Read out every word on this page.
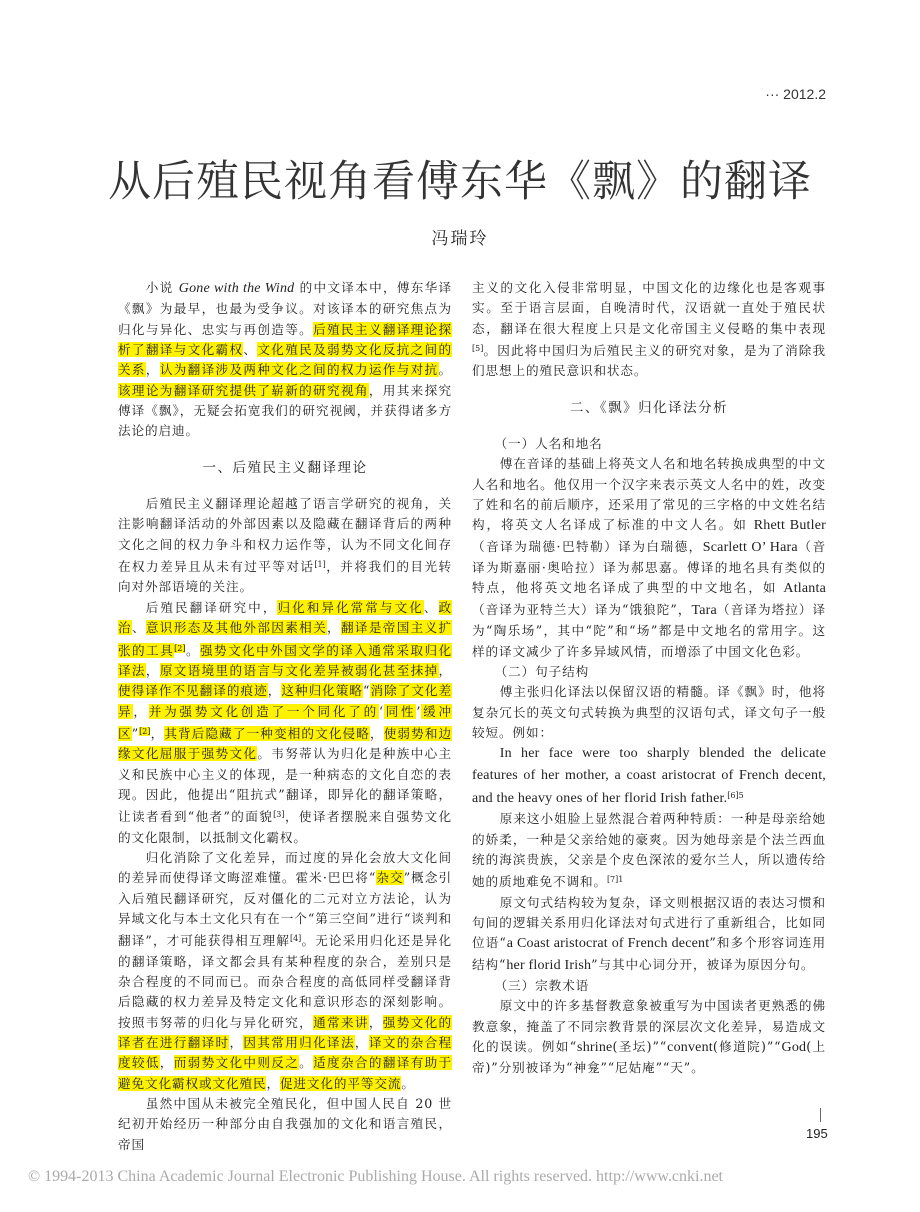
··· 2012.2
从后殖民视角看傅东华《飘》的翻译
冯瑞玲

小说 Gone with the Wind 的中文译本中，傅东华译《飘》为最早，也最为受争议。对该译本的研究焦点为归化与异化、忠实与再创造等。后殖民主义翻译理论探析了翻译与文化霸权、文化殖民及弱势文化反抗之间的关系，认为翻译涉及两种文化之间的权力运作与对抗。该理论为翻译研究提供了崭新的研究视角，用其来探究傅译《飘》，无疑会拓宽我们的研究视阈，并获得诸多方法论的启迪。

一、后殖民主义翻译理论

后殖民主义翻译理论超越了语言学研究的视角，关注影响翻译活动的外部因素以及隐藏在翻译背后的两种文化之间的权力争斗和权力运作等，认为不同文化间存在权力差异且从未有过平等对话[1]，并将我们的目光转向对外部语境的关注。

后殖民翻译研究中，归化和异化常常与文化、政治、意识形态及其他外部因素相关，翻译是帝国主义扩张的工具[2]。强势文化中外国文学的译入通常采取归化译法，原文语境里的语言与文化差异被弱化甚至抹掉，使得译作不见翻译的痕迹，这种归化策略“消除了文化差异，并为强势文化创造了一个同化了的‘同性’缓冲区”[2]，其背后隐藏了一种变相的文化侵略，使弱势和边缘文化屈服于强势文化。韦努蒂认为归化是种族中心主义和民族中心主义的体现，是一种病态的文化自恋的表现。因此，他提出“阻抗式”翻译，即异化的翻译策略，让读者看到“他者”的面貌[3]，使译者摆脱来自强势文化的文化限制，以抵制文化霸权。

归化消除了文化差异，而过度的异化会放大文化间的差异而使得译文晦涩难懂。霍米·巴巴将“杂交”概念引入后殖民翻译研究，反对僵化的二元对立方法论，认为异域文化与本土文化只有在一个“第三空间”进行“谈判和翻译”，才可能获得相互理解[4]。无论采用归化还是异化的翻译策略，译文都会具有某种程度的杂合，差别只是杂合程度的不同而已。而杂合程度的高低同样受翻译背后隐藏的权力差异及特定文化和意识形态的深刻影响。按照韦努蒂的归化与异化研究，通常来讲，强势文化的译者在进行翻译时，因其常用归化译法，译文的杂合程度较低，而弱势文化中则反之。适度杂合的翻译有助于避免文化霸权或文化殖民，促进文化的平等交流。

虽然中国从未被完全殖民化，但中国人民自 20 世纪初开始经历一种部分由自我强加的文化和语言殖民，帝国

主义的文化入侵非常明显，中国文化的边缘化也是客观事实。至于语言层面，自晚清时代，汉语就一直处于殖民状态，翻译在很大程度上只是文化帝国主义侵略的集中表现[5]。因此将中国归为后殖民主义的研究对象，是为了消除我们思想上的殖民意识和状态。

二、《飘》归化译法分析
（一）人名和地名

傅在音译的基础上将英文人名和地名转换成典型的中文人名和地名。他仅用一个汉字来表示英文人名中的姓，改变了姓和名的前后顺序，还采用了常见的三字格的中文姓名结构，将英文人名译成了标准的中文人名。如 Rhett Butler（音译为瑞德·巴特勒）译为白瑞德，Scarlett O’ Hara（音译为斯嘉丽·奥哈拉）译为郝思嘉。傅译的地名具有类似的特点，他将英文地名译成了典型的中文地名，如 Atlanta（音译为亚特兰大）译为“饿狼陀”，Tara（音译为塔拉）译为“陶乐场”，其中“陀”和“场”都是中文地名的常用字。这样的译文减少了许多异域风情，而增添了中国文化色彩。

（二）句子结构

傅主张归化译法以保留汉语的精髓。译《飘》时，他将复杂冗长的英文句式转换为典型的汉语句式，译文句子一般较短。例如：

In her face were too sharply blended the delicate features of her mother, a coast aristocrat of French decent, and the heavy ones of her florid Irish father.$^{[6]5}$

原来这小姐脸上显然混合着两种特质：一种是母亲给她的娇柔，一种是父亲给她的豪爽。因为她母亲是个法兰西血统的海滨贵族，父亲是个皮色深浓的爱尔兰人，所以遗传给她的质地难免不调和。$^{[7]1}$

原文句式结构较为复杂，译文则根据汉语的表达习惯和句间的逻辑关系用归化译法对句式进行了重新组合，比如同位语“a Coast aristocrat of French decent”和多个形容词连用结构“her florid Irish”与其中心词分开，被译为原因分句。

（三）宗教术语

原文中的许多基督教意象被重写为中国读者更熟悉的佛教意象，掩盖了不同宗教背景的深层次文化差异，易造成文化的误读。例如“shrine(圣坛)”“convent(修道院)”“God(上帝)”分别被译为“神龛”“尼姑庵”“天”。

195
© 1994-2013 China Academic Journal Electronic Publishing House. All rights reserved. http://www.cnki.net
